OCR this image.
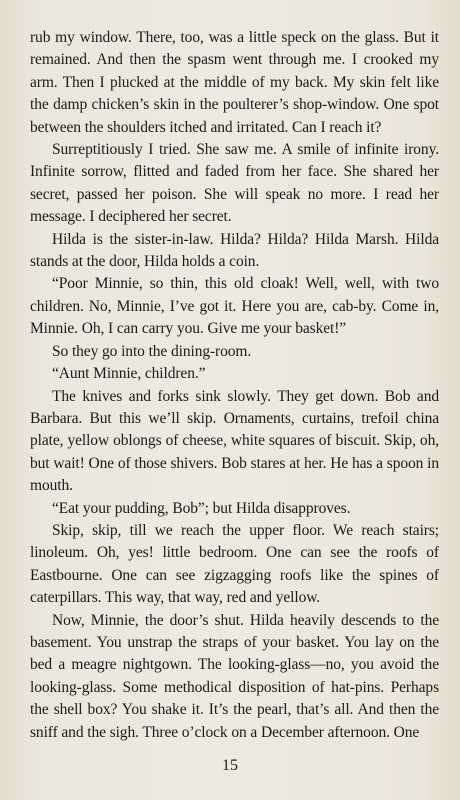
rub my window. There, too, was a little speck on the glass. But it remained. And then the spasm went through me. I crooked my arm. Then I plucked at the middle of my back. My skin felt like the damp chicken’s skin in the poulterer’s shop-window. One spot between the shoulders itched and irritated. Can I reach it?

Surreptitiously I tried. She saw me. A smile of infinite irony. Infinite sorrow, flitted and faded from her face. She shared her secret, passed her poison. She will speak no more. I read her message. I deciphered her secret.

Hilda is the sister-in-law. Hilda? Hilda? Hilda Marsh. Hilda stands at the door, Hilda holds a coin.

“Poor Minnie, so thin, this old cloak! Well, well, with two children. No, Minnie, I’ve got it. Here you are, cab-by. Come in, Minnie. Oh, I can carry you. Give me your basket!”

So they go into the dining-room.

“Aunt Minnie, children.”

The knives and forks sink slowly. They get down. Bob and Barbara. But this we’ll skip. Ornaments, curtains, trefoil china plate, yellow oblongs of cheese, white squares of biscuit. Skip, oh, but wait! One of those shivers. Bob stares at her. He has a spoon in mouth.

“Eat your pudding, Bob”; but Hilda disapproves.

Skip, skip, till we reach the upper floor. We reach stairs; linoleum. Oh, yes! little bedroom. One can see the roofs of Eastbourne. One can see zigzagging roofs like the spines of caterpillars. This way, that way, red and yellow.

Now, Minnie, the door’s shut. Hilda heavily descends to the basement. You unstrap the straps of your basket. You lay on the bed a meagre nightgown. The looking-glass—no, you avoid the looking-glass. Some methodical disposition of hat-pins. Perhaps the shell box? You shake it. It’s the pearl, that’s all. And then the sniff and the sigh. Three o’clock on a December afternoon. One

15
